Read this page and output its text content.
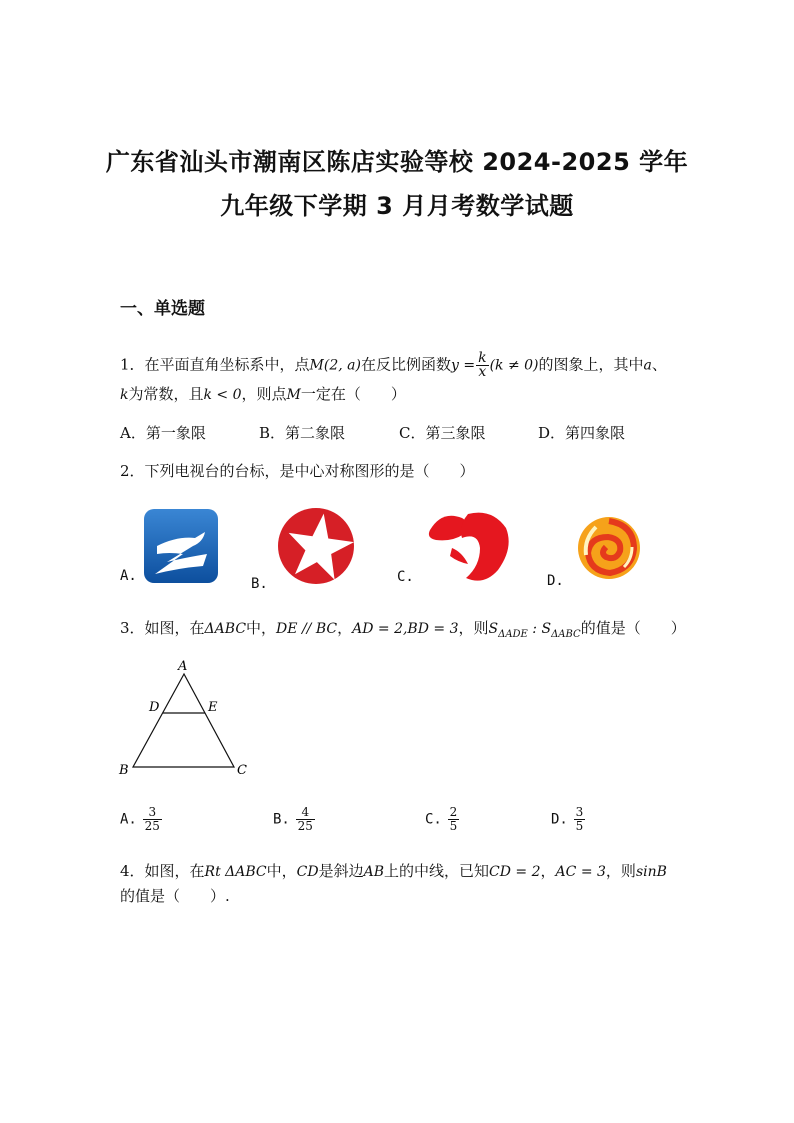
广东省汕头市潮南区陈店实验等校 2024-2025 学年
九年级下学期 3 月月考数学试题
一、单选题
1．在平面直角坐标系中，点M(2, a)在反比例函数$y = \frac{k}{x} (k \ne 0)$的图象上，其中a、
k为常数，且k < 0，则点M一定在（　　）
A．第一象限	B．第二象限	C．第三象限	D．第四象限
2．下列电视台的台标，是中心对称图形的是（　　）
A.	B.	C.	D.
3．如图，在ΔABC中，DE // BC，AD = 2,BD = 3，则$S_{\Delta ADE}$ : $S_{\Delta ABC}$的值是（　　）
A
D	E
B	C
A. $\frac{3}{25}$	B. $\frac{4}{25}$	C. $\frac{2}{5}$	D. $\frac{3}{5}$
4．如图，在Rt ΔABC中，CD是斜边AB上的中线，已知CD = 2，AC = 3，则sinB
的值是（　　）.
